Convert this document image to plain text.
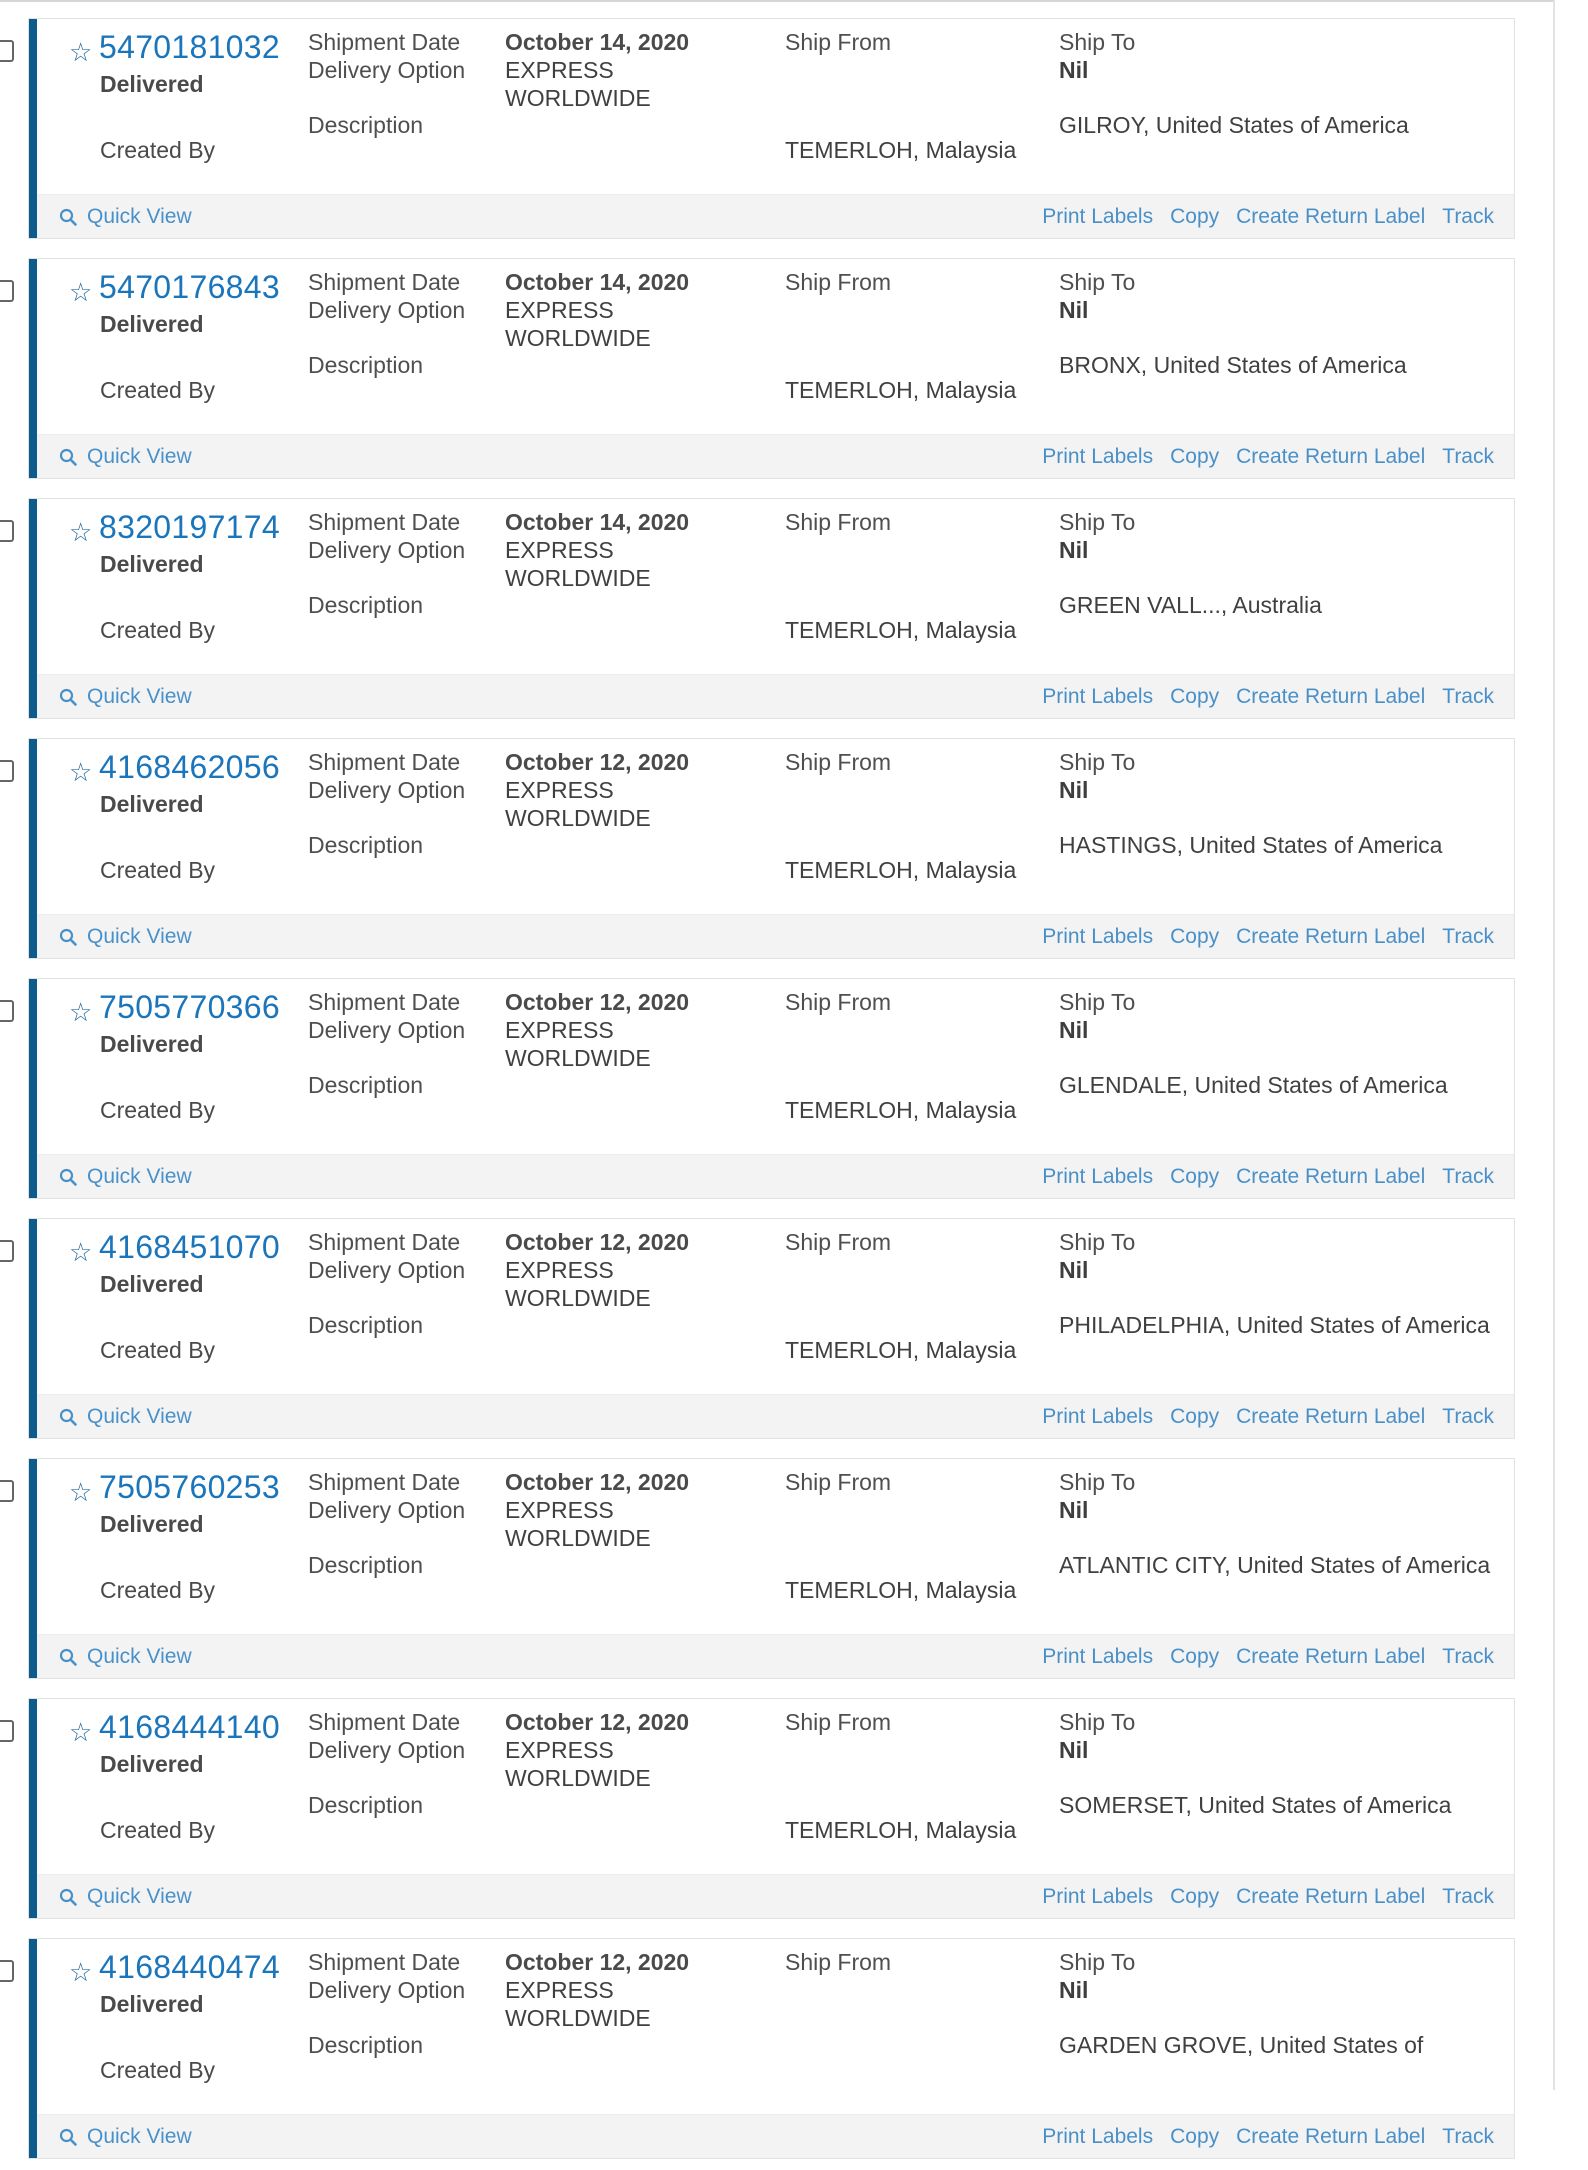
☆ 5470181032
Delivered
Created By
Shipment Date
Delivery Option
Description
October 14, 2020
EXPRESS
WORLDWIDE
Ship From
TEMERLOH, Malaysia
Ship To
Nil
GILROY, United States of America
Quick View	Print Labels Copy Create Return Label Track
☆ 5470176843
Delivered
Created By
Shipment Date
Delivery Option
Description
October 14, 2020
EXPRESS
WORLDWIDE
Ship From
TEMERLOH, Malaysia
Ship To
Nil
BRONX, United States of America
Quick View	Print Labels Copy Create Return Label Track
☆ 8320197174
Delivered
Created By
Shipment Date
Delivery Option
Description
October 14, 2020
EXPRESS
WORLDWIDE
Ship From
TEMERLOH, Malaysia
Ship To
Nil
GREEN VALL..., Australia
Quick View	Print Labels Copy Create Return Label Track
☆ 4168462056
Delivered
Created By
Shipment Date
Delivery Option
Description
October 12, 2020
EXPRESS
WORLDWIDE
Ship From
TEMERLOH, Malaysia
Ship To
Nil
HASTINGS, United States of America
Quick View	Print Labels Copy Create Return Label Track
☆ 7505770366
Delivered
Created By
Shipment Date
Delivery Option
Description
October 12, 2020
EXPRESS
WORLDWIDE
Ship From
TEMERLOH, Malaysia
Ship To
Nil
GLENDALE, United States of America
Quick View	Print Labels Copy Create Return Label Track
☆ 4168451070
Delivered
Created By
Shipment Date
Delivery Option
Description
October 12, 2020
EXPRESS
WORLDWIDE
Ship From
TEMERLOH, Malaysia
Ship To
Nil
PHILADELPHIA, United States of America
Quick View	Print Labels Copy Create Return Label Track
☆ 7505760253
Delivered
Created By
Shipment Date
Delivery Option
Description
October 12, 2020
EXPRESS
WORLDWIDE
Ship From
TEMERLOH, Malaysia
Ship To
Nil
ATLANTIC CITY, United States of America
Quick View	Print Labels Copy Create Return Label Track
☆ 4168444140
Delivered
Created By
Shipment Date
Delivery Option
Description
October 12, 2020
EXPRESS
WORLDWIDE
Ship From
TEMERLOH, Malaysia
Ship To
Nil
SOMERSET, United States of America
Quick View	Print Labels Copy Create Return Label Track
☆ 4168440474
Delivered
Created By
Shipment Date
Delivery Option
Description
October 12, 2020
EXPRESS
WORLDWIDE
Ship From	Ship To
Nil
GARDEN GROVE, United States of
Quick View	Print Labels Copy Create Return Label Track
